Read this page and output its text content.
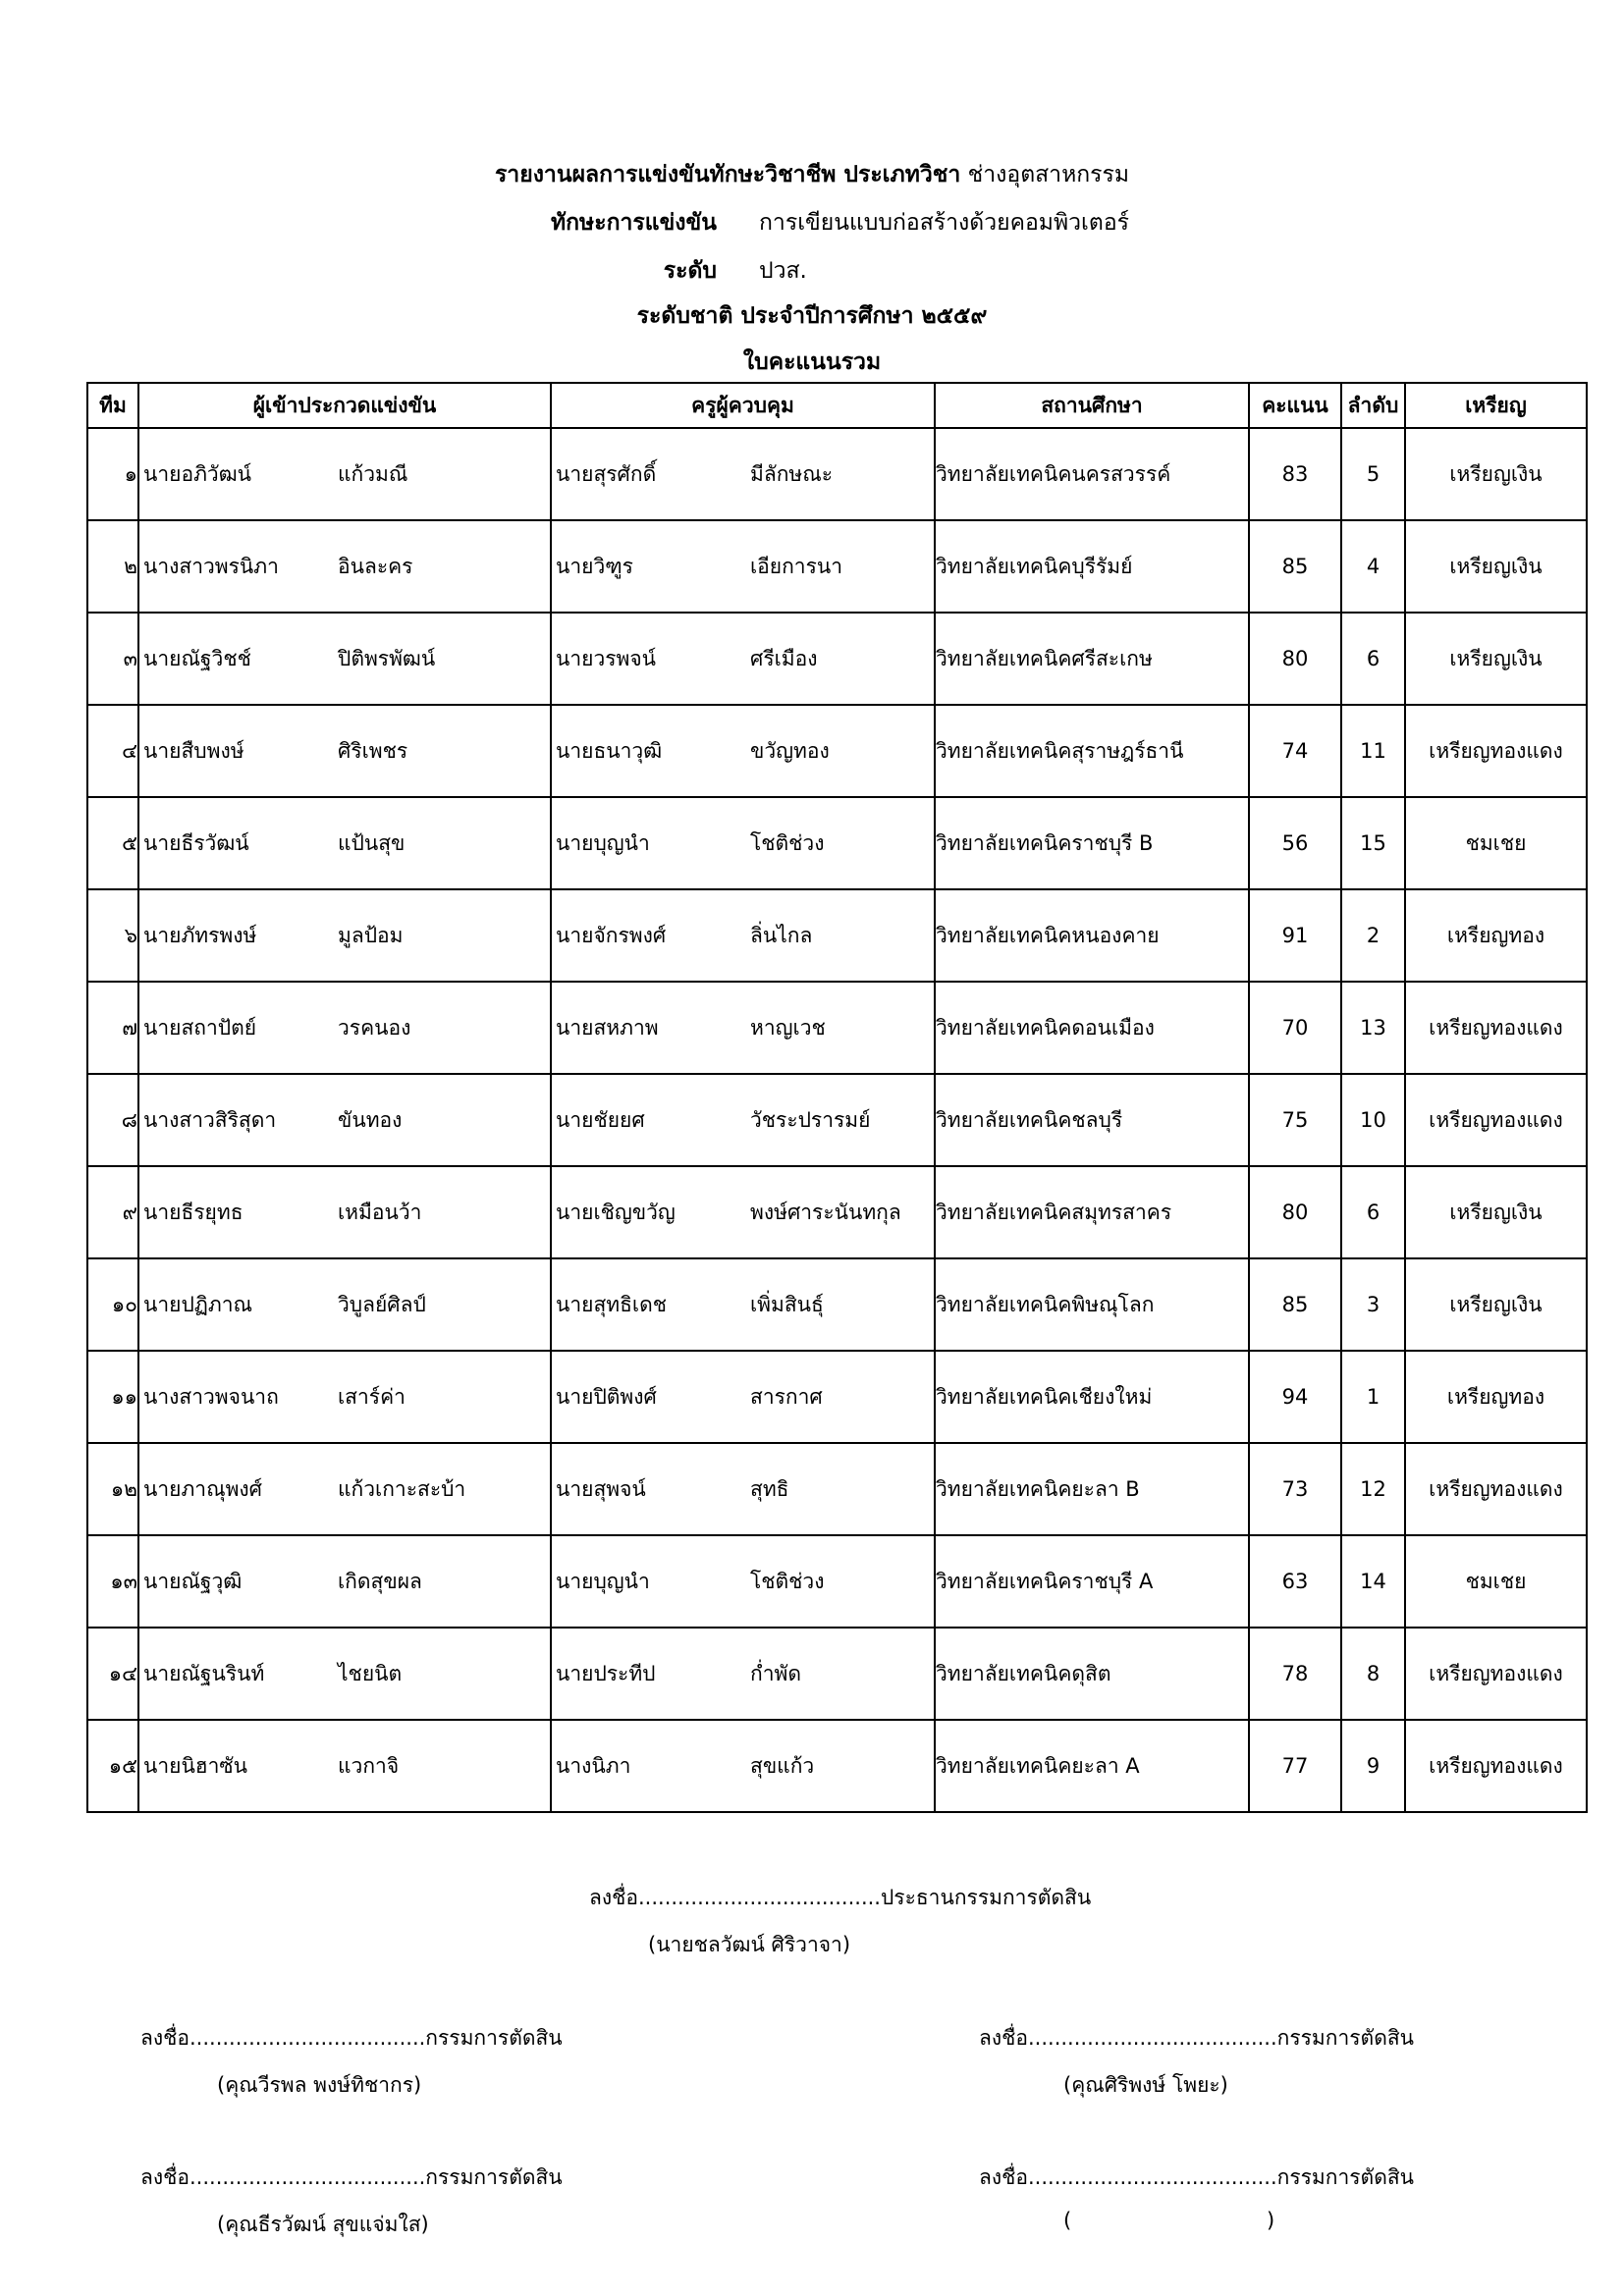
รายงานผลการแข่งขันทักษะวิชาชีพ ประเภทวิชา ช่างอุตสาหกรรม
ทักษะการแข่งขัน การเขียนแบบก่อสร้างด้วยคอมพิวเตอร์
ระดับ ปวส.
ระดับชาติ ประจำปีการศึกษา ๒๕๕๙
ใบคะแนนรวม
ทีม	ผู้เข้าประกวดแข่งขัน	ครูผู้ควบคุม	สถานศึกษา	คะแนน	ลำดับ	เหรียญ
๑	นายอภิวัฒน์ แก้วมณี	นายสุรศักดิ์ มีลักษณะ	วิทยาลัยเทคนิคนครสวรรค์	83	5	เหรียญเงิน
๒	นางสาวพรนิภา อินละคร	นายวิฑูร เอียการนา	วิทยาลัยเทคนิคบุรีรัมย์	85	4	เหรียญเงิน
๓	นายณัฐวิชช์ ปิติพรพัฒน์	นายวรพจน์ ศรีเมือง	วิทยาลัยเทคนิคศรีสะเกษ	80	6	เหรียญเงิน
๔	นายสืบพงษ์ ศิริเพชร	นายธนาวุฒิ ขวัญทอง	วิทยาลัยเทคนิคสุราษฎร์ธานี	74	11	เหรียญทองแดง
๕	นายธีรวัฒน์ แป้นสุข	นายบุญนำ โชติช่วง	วิทยาลัยเทคนิคราชบุรี B	56	15	ชมเชย
๖	นายภัทรพงษ์ มูลป้อม	นายจักรพงศ์ ลิ่นไกล	วิทยาลัยเทคนิคหนองคาย	91	2	เหรียญทอง
๗	นายสถาปัตย์ วรคนอง	นายสหภาพ หาญเวช	วิทยาลัยเทคนิคดอนเมือง	70	13	เหรียญทองแดง
๘	นางสาวสิริสุดา ขันทอง	นายชัยยศ วัชระปรารมย์	วิทยาลัยเทคนิคชลบุรี	75	10	เหรียญทองแดง
๙	นายธีรยุทธ เหมือนว้า	นายเชิญขวัญ พงษ์ศาระนันทกุล	วิทยาลัยเทคนิคสมุทรสาคร	80	6	เหรียญเงิน
๑๐	นายปฏิภาณ วิบูลย์ศิลป์	นายสุทธิเดช เพิ่มสินธุ์	วิทยาลัยเทคนิคพิษณุโลก	85	3	เหรียญเงิน
๑๑	นางสาวพจนาถ เสาร์ค่า	นายปิติพงศ์ สารกาศ	วิทยาลัยเทคนิคเชียงใหม่	94	1	เหรียญทอง
๑๒	นายภาณุพงศ์ แก้วเกาะสะบ้า	นายสุพจน์ สุทธิ	วิทยาลัยเทคนิคยะลา B	73	12	เหรียญทองแดง
๑๓	นายณัฐวุฒิ เกิดสุขผล	นายบุญนำ โชติช่วง	วิทยาลัยเทคนิคราชบุรี A	63	14	ชมเชย
๑๔	นายณัฐนรินท์ ไชยนิต	นายประทีป ก่ำพัด	วิทยาลัยเทคนิคดุสิต	78	8	เหรียญทองแดง
๑๕	นายนิฮาซัน แวกาจิ	นางนิภา สุขแก้ว	วิทยาลัยเทคนิคยะลา A	77	9	เหรียญทองแดง
ลงชื่อ.....................................ประธานกรรมการตัดสิน
(นายชลวัฒน์ ศิริวาจา)
ลงชื่อ....................................กรรมการตัดสิน
(คุณวีรพล พงษ์ทิชากร)
ลงชื่อ......................................กรรมการตัดสิน
(คุณศิริพงษ์ โพยะ)
ลงชื่อ....................................กรรมการตัดสิน
(คุณธีรวัฒน์ สุขแจ่มใส)
ลงชื่อ......................................กรรมการตัดสิน
(	)
